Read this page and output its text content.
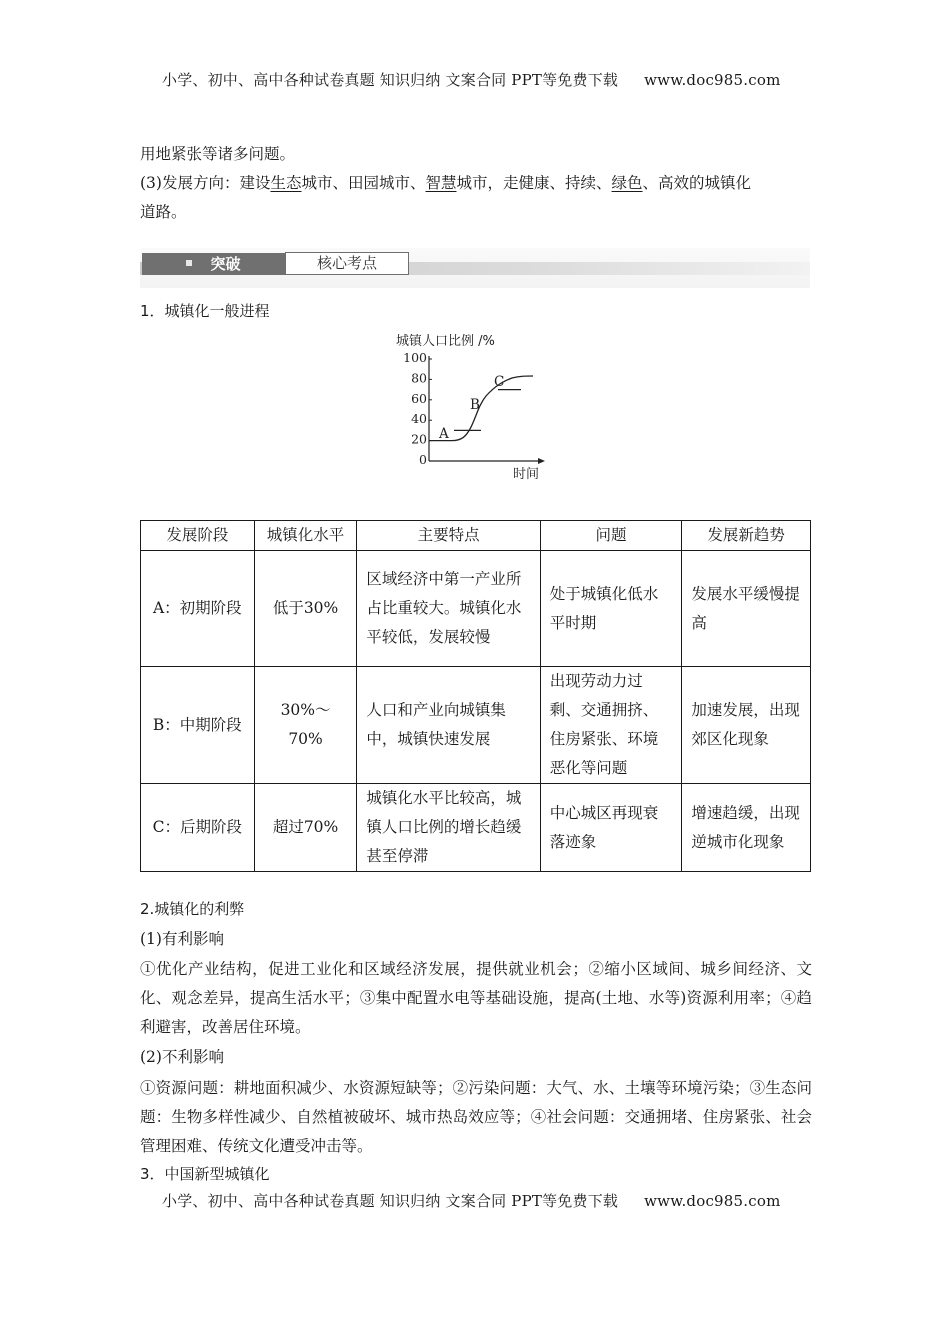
小学、初中、高中各种试卷真题 知识归纳 文案合同 PPT等免费下载 www.doc985.com
用地紧张等诸多问题。
(3)发展方向：建设生态城市、田园城市、智慧城市，走健康、持续、绿色、高效的城镇化
道路。
突破	核心考点
1．城镇化一般进程
城镇人口比例 /%
0
20
40
60
80
100
A
B
C
时间
发展阶段	城镇化水平	主要特点	问题	发展新趋势
A：初期阶段	低于30%	区域经济中第一产业所占比重较大。城镇化水平较低，发展较慢	处于城镇化低水平时期	发展水平缓慢提高
B：中期阶段	30%～70%	人口和产业向城镇集中，城镇快速发展	出现劳动力过剩、交通拥挤、住房紧张、环境恶化等问题	加速发展，出现郊区化现象
C：后期阶段	超过70%	城镇化水平比较高，城镇人口比例的增长趋缓甚至停滞	中心城区再现衰落迹象	增速趋缓，出现逆城市化现象
2.城镇化的利弊
(1)有利影响
①优化产业结构，促进工业化和区域经济发展，提供就业机会；②缩小区域间、城乡间经济、文化、观念差异，提高生活水平；③集中配置水电等基础设施，提高(土地、水等)资源利用率；④趋利避害，改善居住环境。
(2)不利影响
①资源问题：耕地面积减少、水资源短缺等；②污染问题：大气、水、土壤等环境污染；③生态问题：生物多样性减少、自然植被破坏、城市热岛效应等；④社会问题：交通拥堵、住房紧张、社会管理困难、传统文化遭受冲击等。
3．中国新型城镇化
小学、初中、高中各种试卷真题 知识归纳 文案合同 PPT等免费下载 www.doc985.com
